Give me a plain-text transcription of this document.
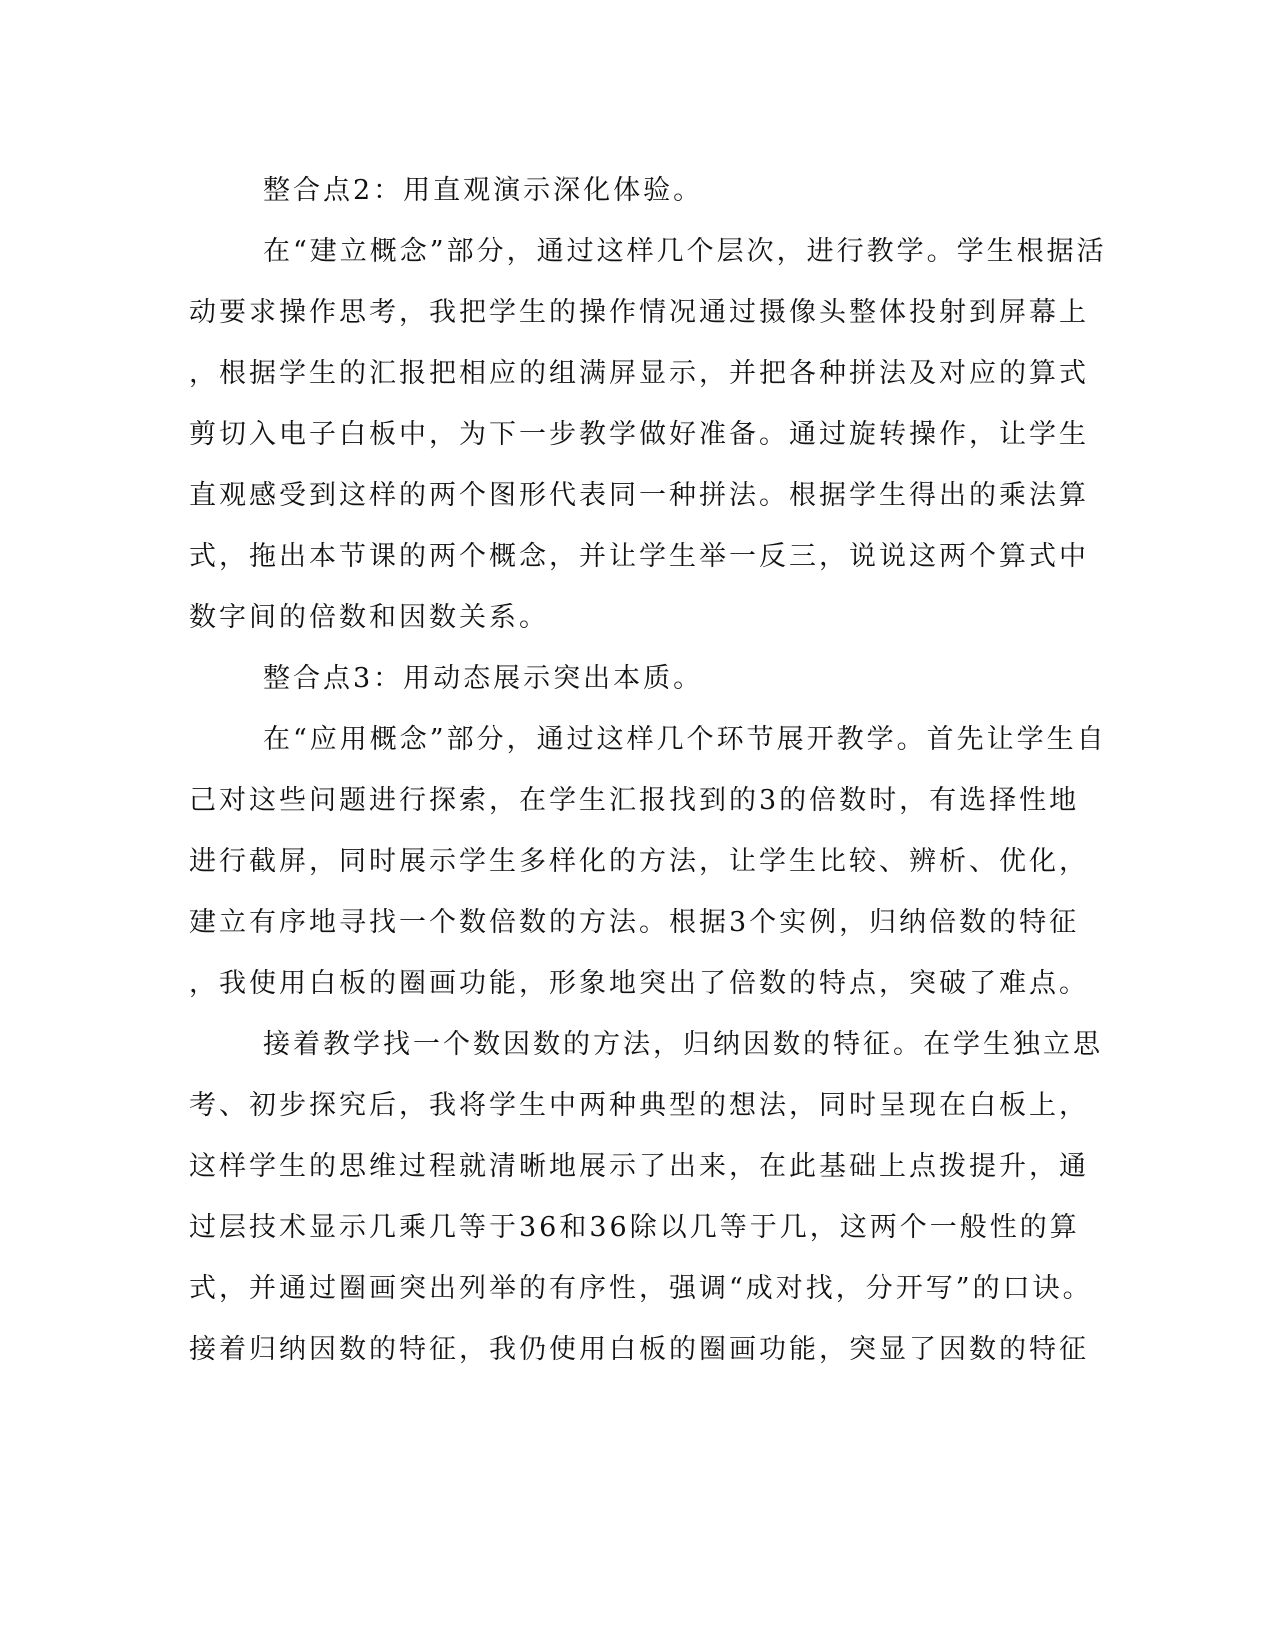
整合点2：用直观演示深化体验。
在“建立概念”部分，通过这样几个层次，进行教学。学生根据活
动要求操作思考，我把学生的操作情况通过摄像头整体投射到屏幕上
，根据学生的汇报把相应的组满屏显示，并把各种拼法及对应的算式
剪切入电子白板中，为下一步教学做好准备。通过旋转操作，让学生
直观感受到这样的两个图形代表同一种拼法。根据学生得出的乘法算
式，拖出本节课的两个概念，并让学生举一反三，说说这两个算式中
数字间的倍数和因数关系。
整合点3：用动态展示突出本质。
在“应用概念”部分，通过这样几个环节展开教学。首先让学生自
己对这些问题进行探索，在学生汇报找到的3的倍数时，有选择性地
进行截屏，同时展示学生多样化的方法，让学生比较、辨析、优化，
建立有序地寻找一个数倍数的方法。根据3个实例，归纳倍数的特征
，我使用白板的圈画功能，形象地突出了倍数的特点，突破了难点。
接着教学找一个数因数的方法，归纳因数的特征。在学生独立思
考、初步探究后，我将学生中两种典型的想法，同时呈现在白板上，
这样学生的思维过程就清晰地展示了出来，在此基础上点拨提升，通
过层技术显示几乘几等于36和36除以几等于几，这两个一般性的算
式，并通过圈画突出列举的有序性，强调“成对找，分开写”的口诀。
接着归纳因数的特征，我仍使用白板的圈画功能，突显了因数的特征
